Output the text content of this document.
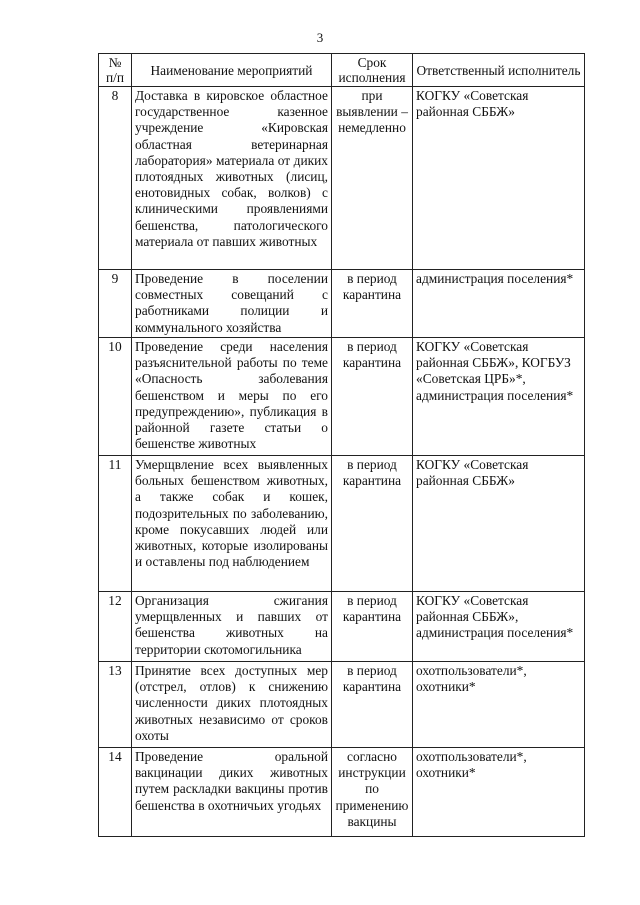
3
№ п/п	Наименование мероприятий	Срок исполнения	Ответственный исполнитель
8	Доставка в кировское областное государственное казенное учреждение «Кировская областная ветеринарная лаборатория» материала от диких плотоядных животных (лисиц, енотовидных собак, волков) с клиническими проявлениями бешенства, патологического материала от павших животных	при выявлении – немедленно	КОГКУ «Советская районная СББЖ»
9	Проведение в поселении совместных совещаний с работниками полиции и коммунального хозяйства	в период карантина	администрация поселения*
10	Проведение среди населения разъяснительной работы по теме «Опасность заболевания бешенством и меры по его предупреждению», публикация в районной газете статьи о бешенстве животных	в период карантина	КОГКУ «Советская районная СББЖ», КОГБУЗ «Советская ЦРБ»*, администрация поселения*
11	Умерщвление всех выявленных больных бешенством животных, а также собак и кошек, подозрительных по заболеванию, кроме покусавших людей или животных, которые изолированы и оставлены под наблюдением	в период карантина	КОГКУ «Советская районная СББЖ»
12	Организация сжигания умерщвленных и павших от бешенства животных на территории скотомогильника	в период карантина	КОГКУ «Советская районная СББЖ», администрация поселения*
13	Принятие всех доступных мер (отстрел, отлов) к снижению численности диких плотоядных животных независимо от сроков охоты	в период карантина	охотпользователи*, охотники*
14	Проведение оральной вакцинации диких животных путем раскладки вакцины против бешенства в охотничьих угодьях	согласно инструкции по применению вакцины	охотпользователи*, охотники*
